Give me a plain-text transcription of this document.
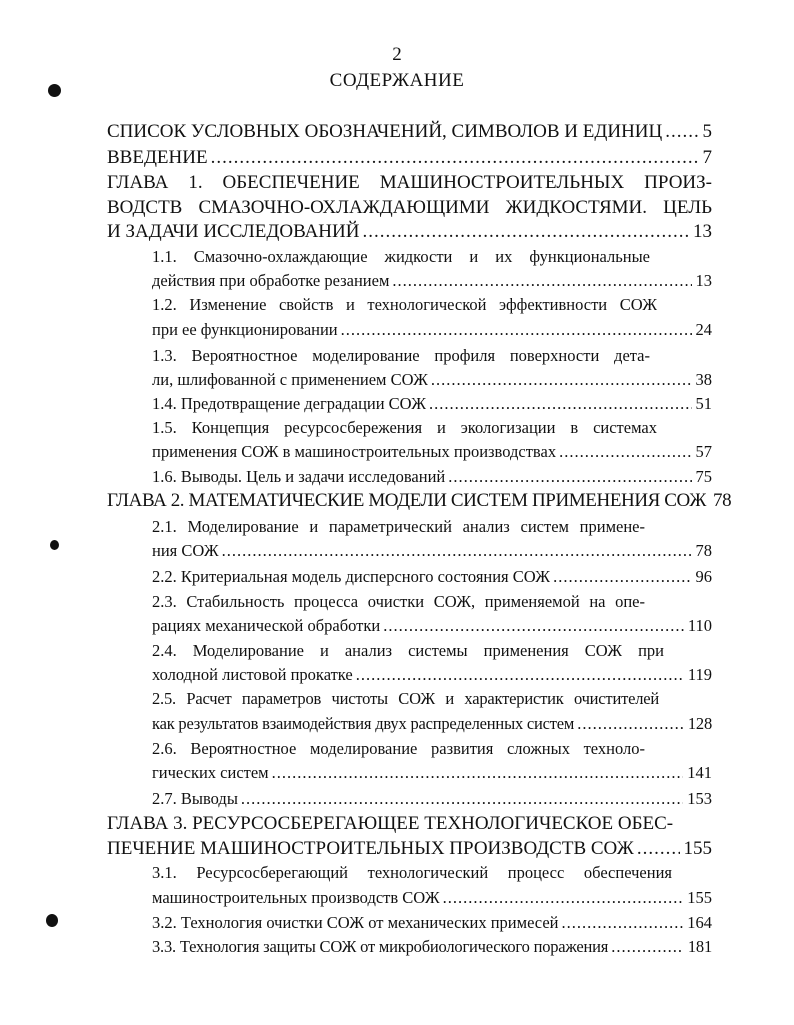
2
СОДЕРЖАНИЕ
СПИСОК УСЛОВНЫХ ОБОЗНАЧЕНИЙ, СИМВОЛОВ И ЕДИНИЦ ..... 5
ВВЕДЕНИЕ .....	7
ГЛАВА 1. ОБЕСПЕЧЕНИЕ МАШИНОСТРОИТЕЛЬНЫХ ПРОИЗ-
ВОДСТВ СМАЗОЧНО-ОХЛАЖДАЮЩИМИ ЖИДКОСТЯМИ. ЦЕЛЬ
И ЗАДАЧИ ИССЛЕДОВАНИЙ .....	13
1.1. Смазочно-охлаждающие жидкости и их функциональные
действия при обработке резанием .....	13
1.2. Изменение свойств и технологической эффективности СОЖ
при ее функционировании .....	24
1.3. Вероятностное моделирование профиля поверхности дета-
ли, шлифованной с применением СОЖ .....	38
1.4. Предотвращение деградации СОЖ .....	51
1.5. Концепция ресурсосбережения и экологизации в системах
применения СОЖ в машиностроительных производствах .....	57
1.6. Выводы. Цель и задачи исследований .....	75
ГЛАВА 2. МАТЕМАТИЧЕСКИЕ МОДЕЛИ СИСТЕМ ПРИМЕНЕНИЯ СОЖ 78
2.1. Моделирование и параметрический анализ систем примене-
ния СОЖ .....	78
2.2. Критериальная модель дисперсного состояния СОЖ .....	96
2.3. Стабильность процесса очистки СОЖ, применяемой на опе-
рациях механической обработки .....	110
2.4. Моделирование и анализ системы применения СОЖ при
холодной листовой прокатке .....	119
2.5. Расчет параметров чистоты СОЖ и характеристик очистителей
как результатов взаимодействия двух распределенных систем .....	128
2.6. Вероятностное моделирование развития сложных техноло-
гических систем .....	141
2.7. Выводы .....	153
ГЛАВА 3. РЕСУРСОСБЕРЕГАЮЩЕЕ ТЕХНОЛОГИЧЕСКОЕ ОБЕС-
ПЕЧЕНИЕ МАШИНОСТРОИТЕЛЬНЫХ ПРОИЗВОДСТВ СОЖ .....	155
3.1. Ресурсосберегающий технологический процесс обеспечения
машиностроительных производств СОЖ .....	155
3.2. Технология очистки СОЖ от механических примесей .....	164
3.3. Технология защиты СОЖ от микробиологического поражения .....	181
